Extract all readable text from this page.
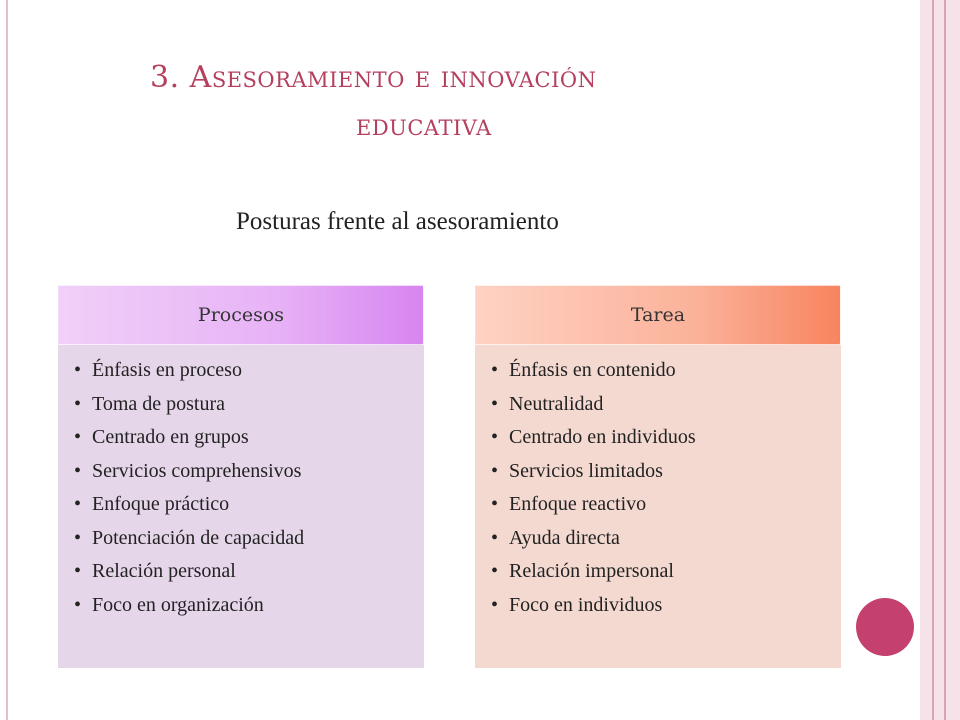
3. Asesoramiento e innovación
educativa
Posturas frente al asesoramiento
Procesos
• Énfasis en proceso
• Toma de postura
• Centrado en grupos
• Servicios comprehensivos
• Enfoque práctico
• Potenciación de capacidad
• Relación personal
• Foco en organización
Tarea
• Énfasis en contenido
• Neutralidad
• Centrado en individuos
• Servicios limitados
• Enfoque reactivo
• Ayuda directa
• Relación impersonal
• Foco en individuos
